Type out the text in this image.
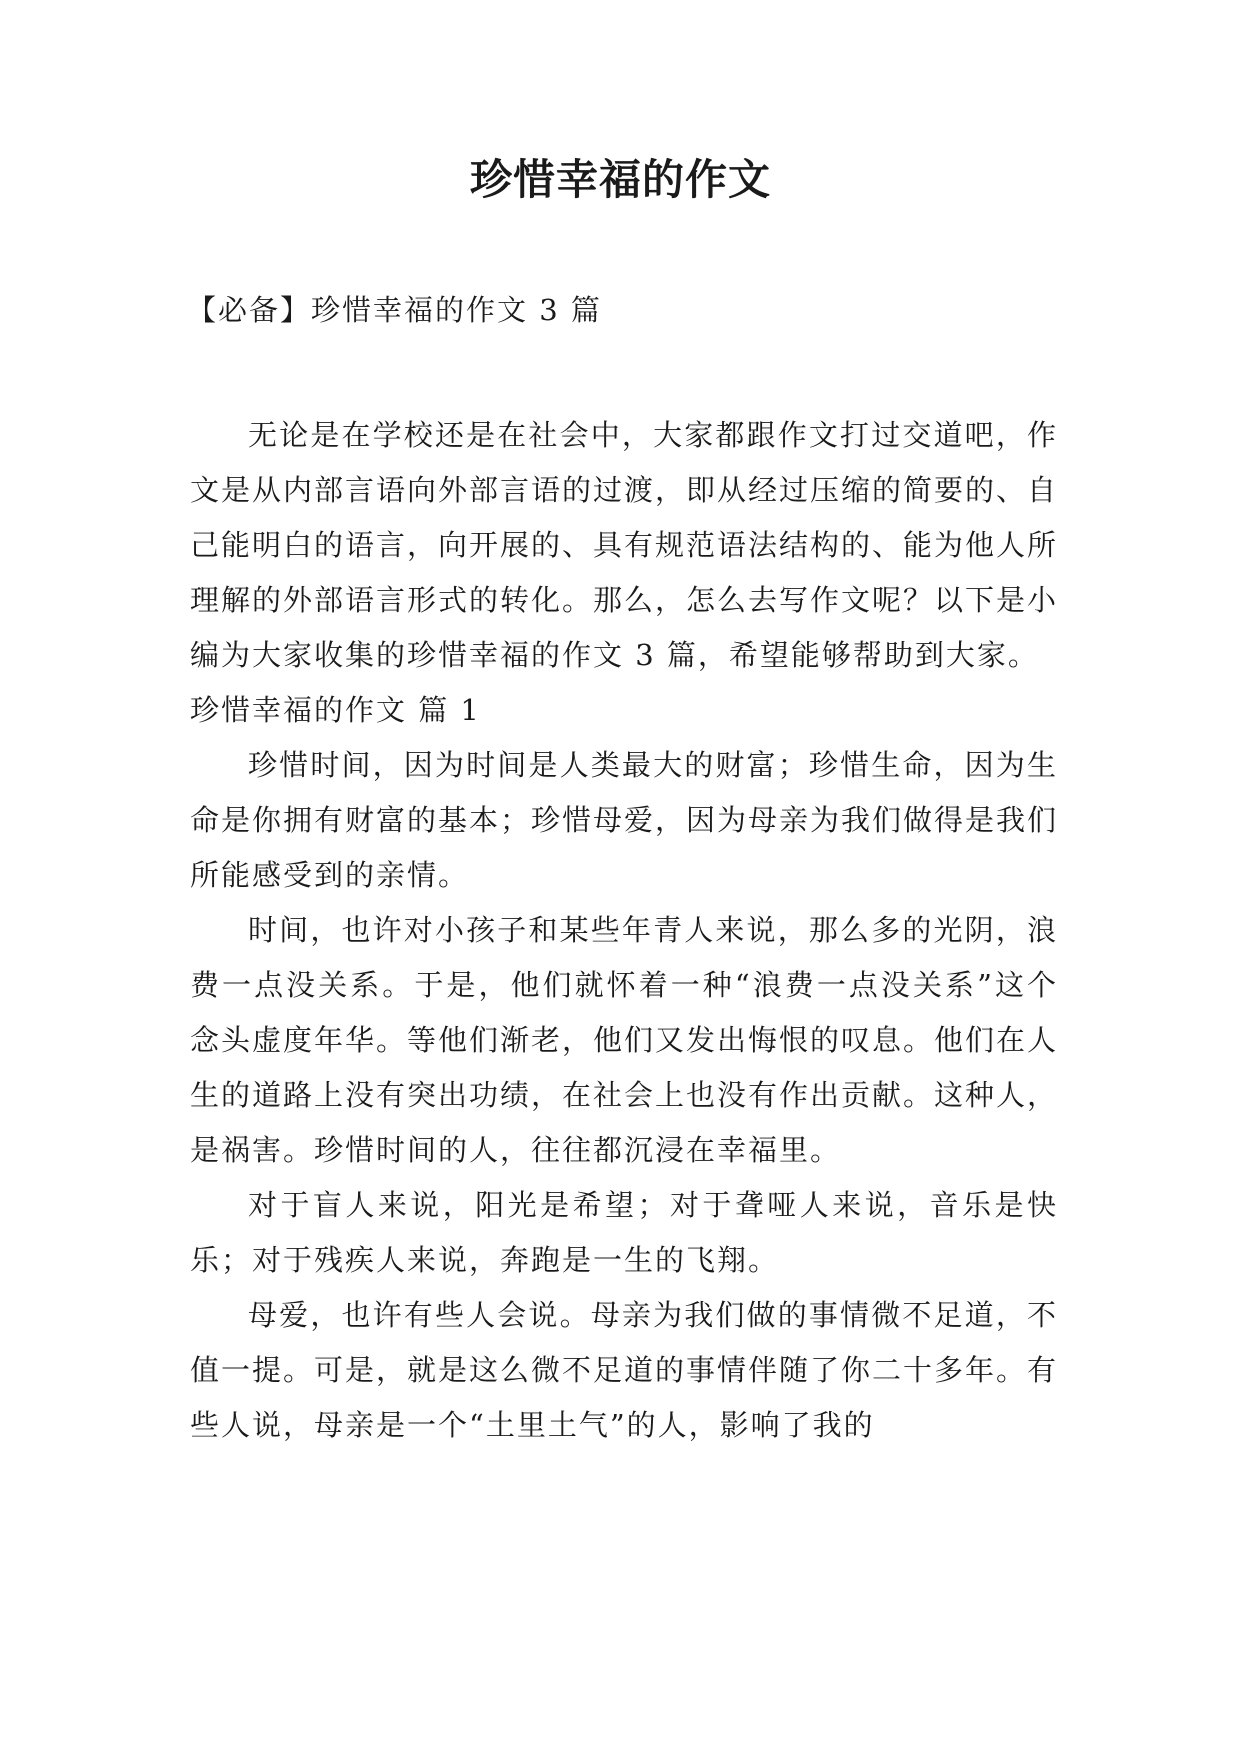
珍惜幸福的作文
【必备】珍惜幸福的作文 3 篇

无论是在学校还是在社会中，大家都跟作文打过交道吧，作文是从内部言语向外部言语的过渡，即从经过压缩的简要的、自己能明白的语言，向开展的、具有规范语法结构的、能为他人所理解的外部语言形式的转化。那么，怎么去写作文呢？以下是小编为大家收集的珍惜幸福的作文 3 篇，希望能够帮助到大家。

珍惜幸福的作文 篇 1

珍惜时间，因为时间是人类最大的财富；珍惜生命，因为生命是你拥有财富的基本；珍惜母爱，因为母亲为我们做得是我们所能感受到的亲情。

时间，也许对小孩子和某些年青人来说，那么多的光阴，浪费一点没关系。于是，他们就怀着一种“浪费一点没关系”这个念头虚度年华。等他们渐老，他们又发出悔恨的叹息。他们在人生的道路上没有突出功绩，在社会上也没有作出贡献。这种人，是祸害。珍惜时间的人，往往都沉浸在幸福里。

对于盲人来说，阳光是希望；对于聋哑人来说，音乐是快乐；对于残疾人来说，奔跑是一生的飞翔。

母爱，也许有些人会说。母亲为我们做的事情微不足道，不值一提。可是，就是这么微不足道的事情伴随了你二十多年。有些人说，母亲是一个“土里土气”的人，影响了我的
